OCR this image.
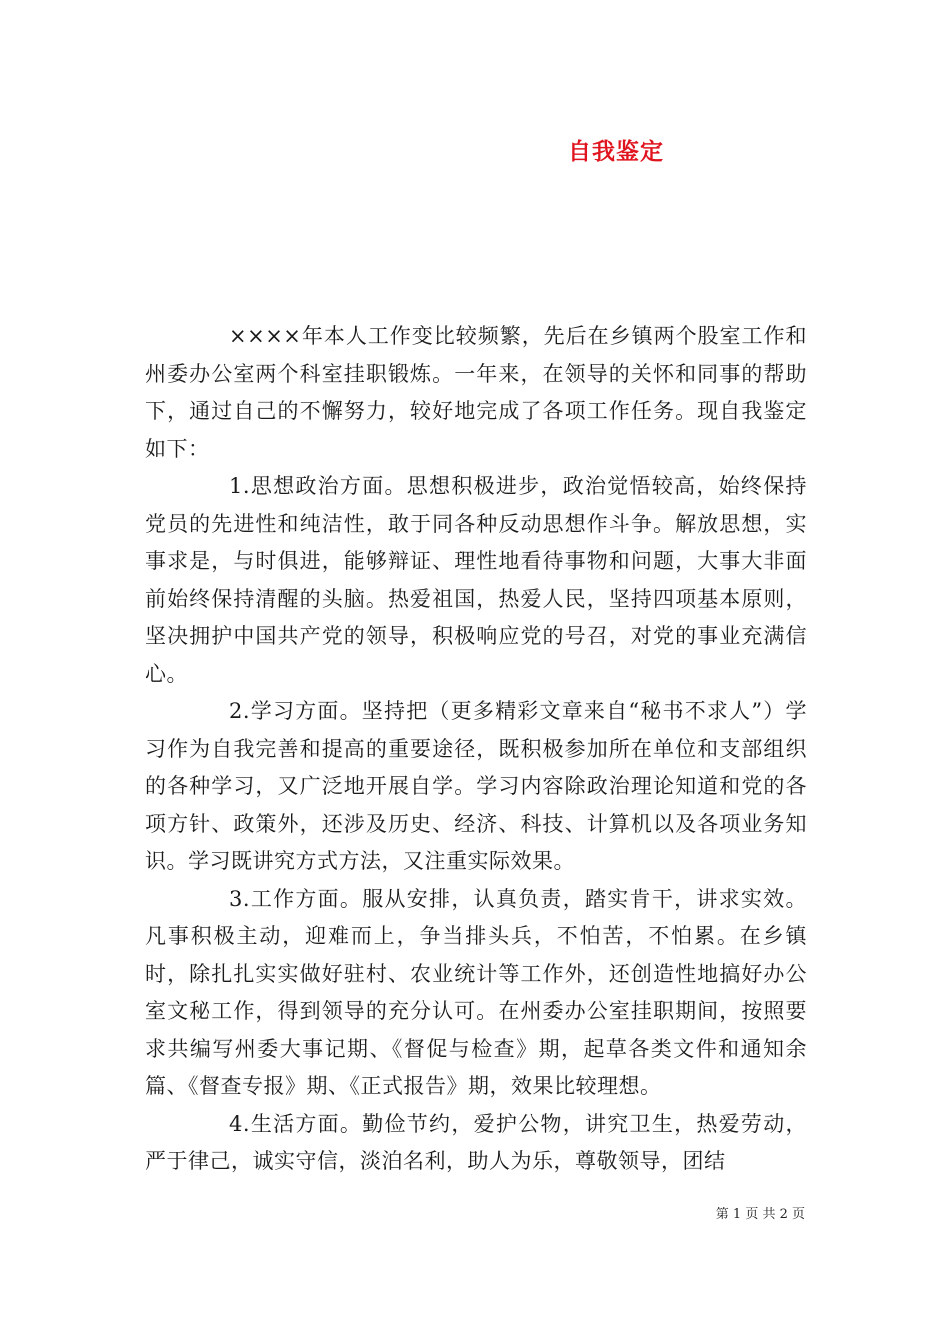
自我鉴定

××××年本人工作变比较频繁，先后在乡镇两个股室工作和州委办公室两个科室挂职锻炼。一年来，在领导的关怀和同事的帮助下，通过自己的不懈努力，较好地完成了各项工作任务。现自我鉴定如下：

1.思想政治方面。思想积极进步，政治觉悟较高，始终保持党员的先进性和纯洁性，敢于同各种反动思想作斗争。解放思想，实事求是，与时俱进，能够辩证、理性地看待事物和问题，大事大非面前始终保持清醒的头脑。热爱祖国，热爱人民，坚持四项基本原则，坚决拥护中国共产党的领导，积极响应党的号召，对党的事业充满信心。

2.学习方面。坚持把（更多精彩文章来自“秘书不求人”）学习作为自我完善和提高的重要途径，既积极参加所在单位和支部组织的各种学习，又广泛地开展自学。学习内容除政治理论知道和党的各项方针、政策外，还涉及历史、经济、科技、计算机以及各项业务知识。学习既讲究方式方法，又注重实际效果。

3.工作方面。服从安排，认真负责，踏实肯干，讲求实效。凡事积极主动，迎难而上，争当排头兵，不怕苦，不怕累。在乡镇时，除扎扎实实做好驻村、农业统计等工作外，还创造性地搞好办公室文秘工作，得到领导的充分认可。在州委办公室挂职期间，按照要求共编写州委大事记期、《督促与检查》期，起草各类文件和通知余篇、《督查专报》期、《正式报告》期，效果比较理想。

4.生活方面。勤俭节约，爱护公物，讲究卫生，热爱劳动，严于律己，诚实守信，淡泊名利，助人为乐，尊敬领导，团结

第 1 页 共 2 页
